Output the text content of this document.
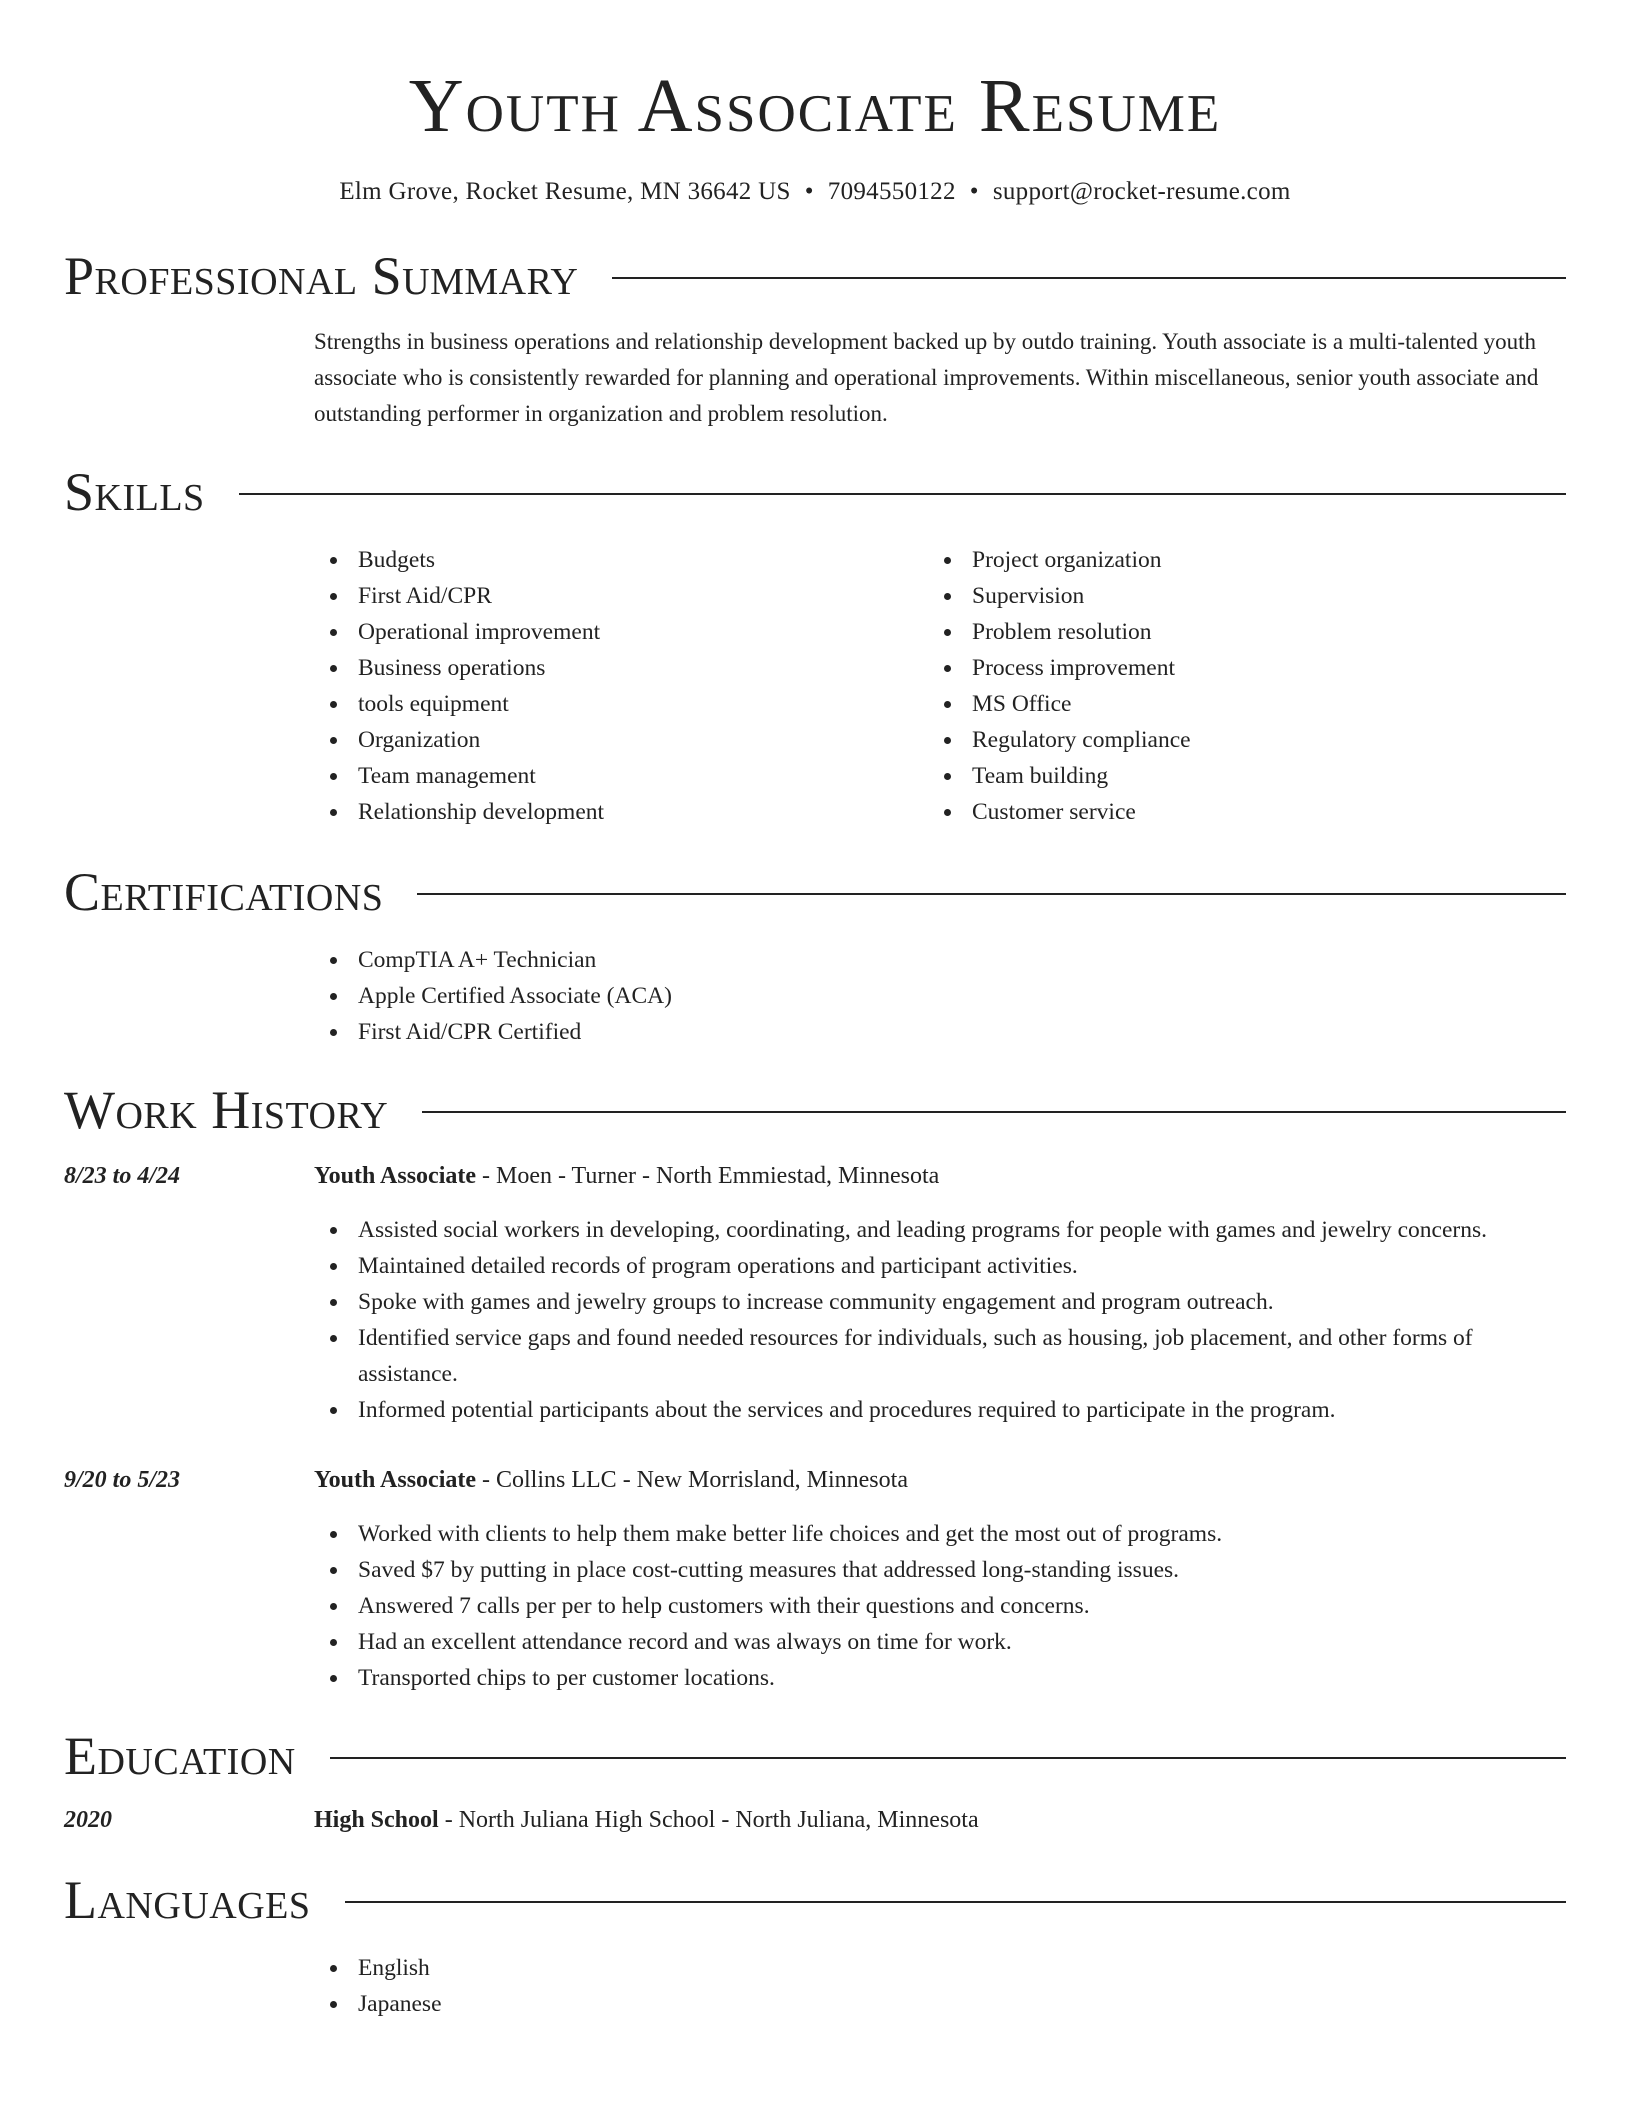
Youth Associate Resume
Elm Grove, Rocket Resume, MN 36642 US • 7094550122 • support@rocket-resume.com
Professional Summary
Strengths in business operations and relationship development backed up by outdo training. Youth associate is a multi-talented youth associate who is consistently rewarded for planning and operational improvements. Within miscellaneous, senior youth associate and outstanding performer in organization and problem resolution.
Skills
Budgets
First Aid/CPR
Operational improvement
Business operations
tools equipment
Organization
Team management
Relationship development
Project organization
Supervision
Problem resolution
Process improvement
MS Office
Regulatory compliance
Team building
Customer service
Certifications
CompTIA A+ Technician
Apple Certified Associate (ACA)
First Aid/CPR Certified
Work History
8/23 to 4/24	Youth Associate - Moen - Turner - North Emmiestad, Minnesota
Assisted social workers in developing, coordinating, and leading programs for people with games and jewelry concerns.
Maintained detailed records of program operations and participant activities.
Spoke with games and jewelry groups to increase community engagement and program outreach.
Identified service gaps and found needed resources for individuals, such as housing, job placement, and other forms of assistance.
Informed potential participants about the services and procedures required to participate in the program.
9/20 to 5/23	Youth Associate - Collins LLC - New Morrisland, Minnesota
Worked with clients to help them make better life choices and get the most out of programs.
Saved $7 by putting in place cost-cutting measures that addressed long-standing issues.
Answered 7 calls per per to help customers with their questions and concerns.
Had an excellent attendance record and was always on time for work.
Transported chips to per customer locations.
Education
2020	High School - North Juliana High School - North Juliana, Minnesota
Languages
English
Japanese
